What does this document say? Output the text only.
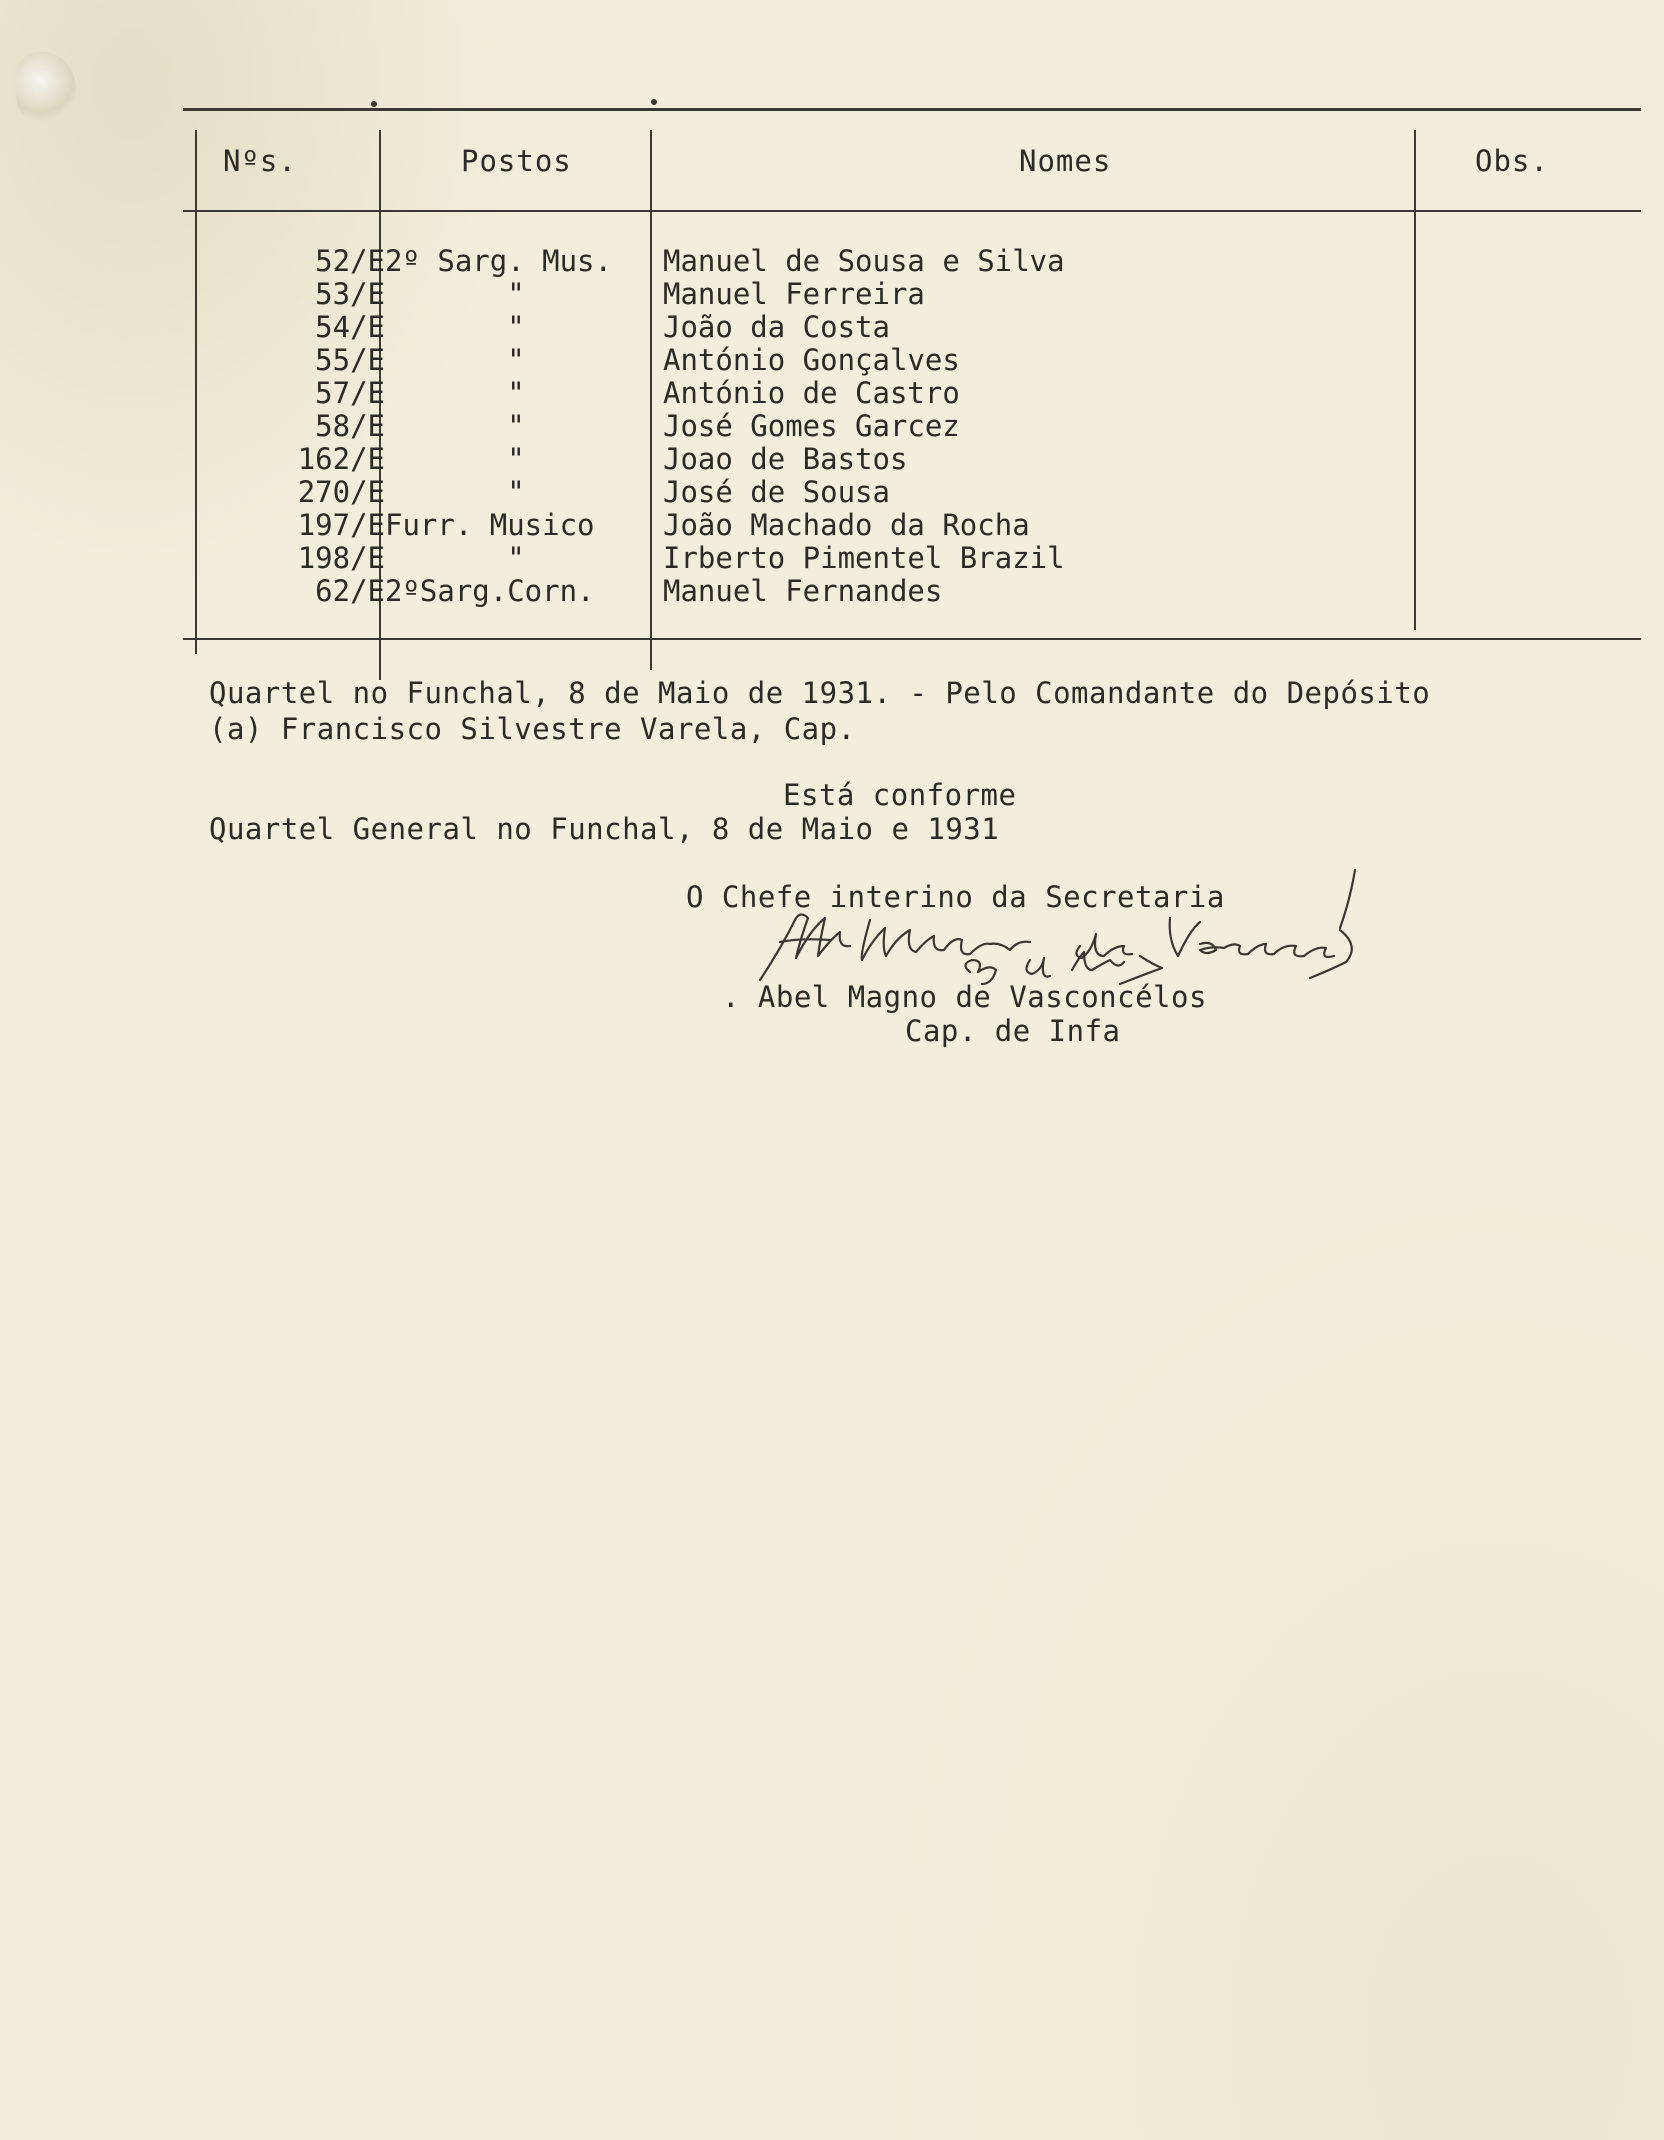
Nºs.	Postos	Nomes	Obs.
52/E 2º Sarg. Mus.	Manuel de Sousa e Silva
53/E	"	Manuel Ferreira
54/E	"	João da Costa
55/E	"	António Gonçalves
57/E	"	António de Castro
58/E	"	José Gomes Garcez
162/E	"	Joao de Bastos
270/E	"	José de Sousa
197/E Furr. Musico	João Machado da Rocha
198/E	"	Irberto Pimentel Brazil
62/E 2ºSarg.Corn.	Manuel Fernandes
Quartel no Funchal, 8 de Maio de 1931. - Pelo Comandante do Depósito
(a) Francisco Silvestre Varela, Cap.
Está conforme
Quartel General no Funchal, 8 de Maio e 1931
O Chefe interino da Secretaria
. Abel Magno de Vasconcélos
Cap. de Infa
